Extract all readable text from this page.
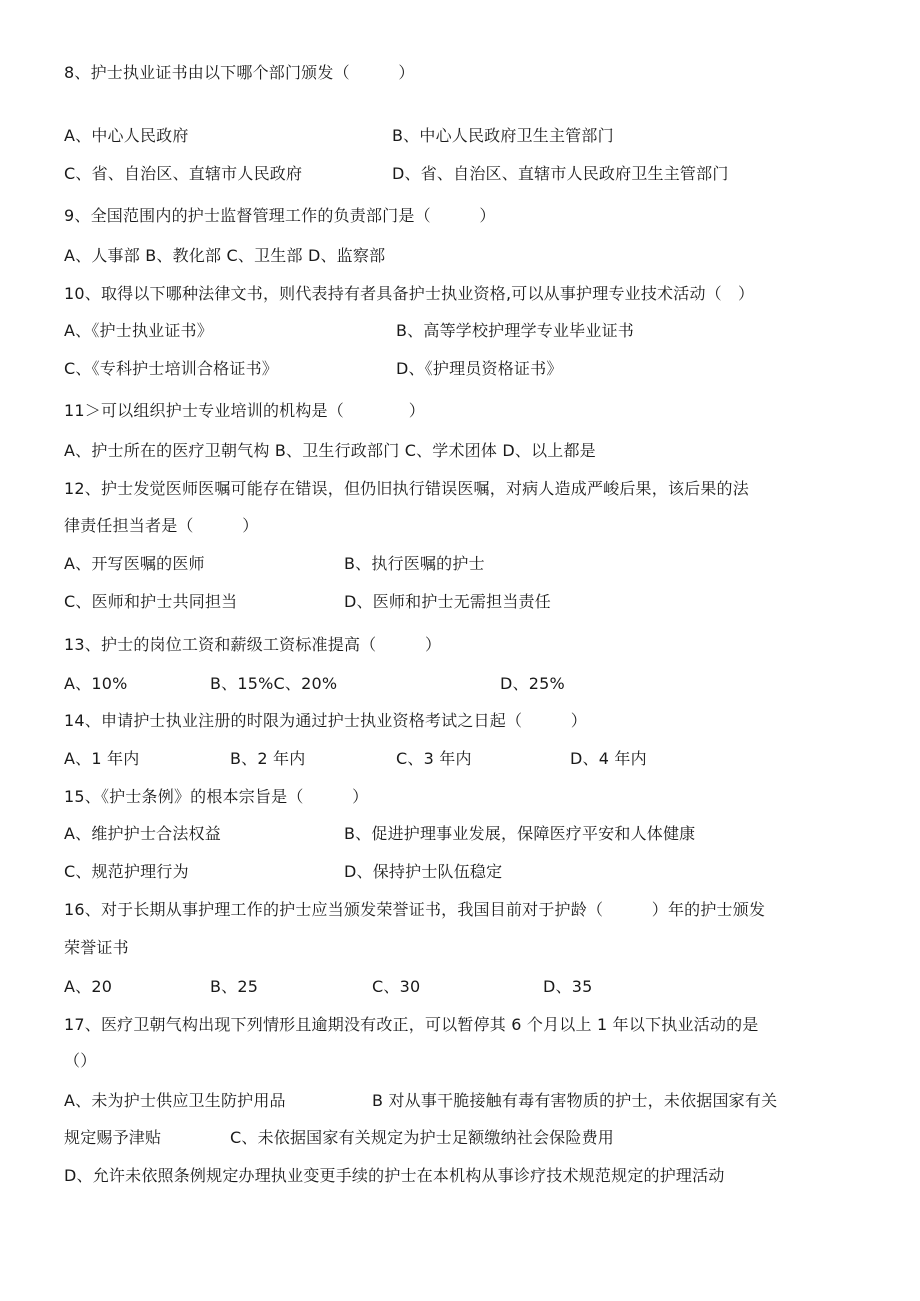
8、护士执业证书由以下哪个部门颁发（　　　）
A、中心人民政府	B、中心人民政府卫生主管部门
C、省、自治区、直辖市人民政府	D、省、自治区、直辖市人民政府卫生主管部门
9、全国范围内的护士监督管理工作的负责部门是（　　　）
A、人事部 B、教化部 C、卫生部 D、监察部
10、取得以下哪种法律文书，则代表持有者具备护士执业资格,可以从事护理专业技术活动（　）
A、《护士执业证书》	B、高等学校护理学专业毕业证书
C、《专科护士培训合格证书》	D、《护理员资格证书》
11＞可以组织护士专业培训的机构是（　　　　）
A、护士所在的医疗卫朝气构 B、卫生行政部门 C、学术团体 D、以上都是
12、护士发觉医师医嘱可能存在错误，但仍旧执行错误医嘱，对病人造成严峻后果，该后果的法
律责任担当者是（　　　）
A、开写医嘱的医师	B、执行医嘱的护士
C、医师和护士共同担当	D、医师和护士无需担当责任
13、护士的岗位工资和薪级工资标准提高（　　　）
A、10%	B、15%C、20%	D、25%
14、申请护士执业注册的时限为通过护士执业资格考试之日起（　　　）
A、1 年内	B、2 年内	C、3 年内	D、4 年内
15、《护士条例》的根本宗旨是（　　　）
A、维护护士合法权益	B、促进护理事业发展，保障医疗平安和人体健康
C、规范护理行为	D、保持护士队伍稳定
16、对于长期从事护理工作的护士应当颁发荣誉证书，我国目前对于护龄（　　　）年的护士颁发
荣誉证书
A、20	B、25	C、30	D、35
17、医疗卫朝气构出现下列情形且逾期没有改正，可以暂停其 6 个月以上 1 年以下执业活动的是
（）
A、未为护士供应卫生防护用品	B 对从事干脆接触有毒有害物质的护士，未依据国家有关
规定赐予津贴	C、未依据国家有关规定为护士足额缴纳社会保险费用
D、允许未依照条例规定办理执业变更手续的护士在本机构从事诊疗技术规范规定的护理活动
